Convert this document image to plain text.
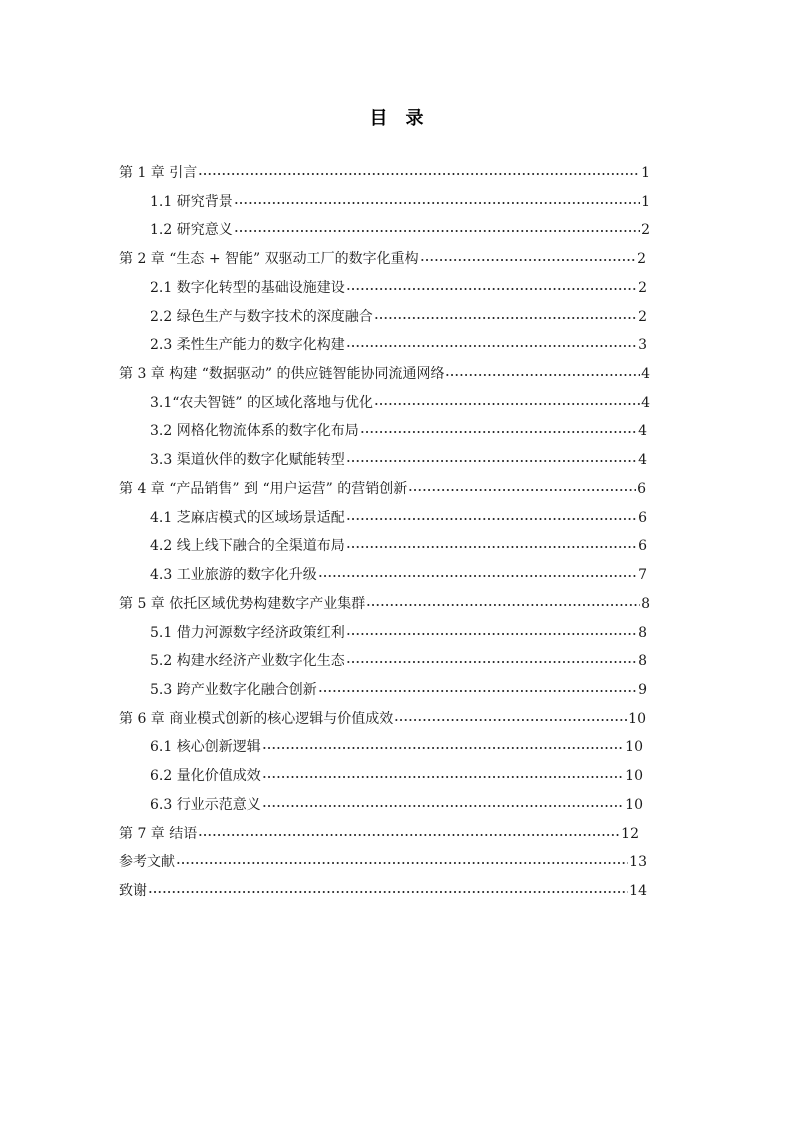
目录
第 1 章 引言	1
1.1 研究背景	1
1.2 研究意义	2
第 2 章 “生态 + 智能” 双驱动工厂的数字化重构	2
2.1 数字化转型的基础设施建设	2
2.2 绿色生产与数字技术的深度融合	2
2.3 柔性生产能力的数字化构建	3
第 3 章 构建 “数据驱动” 的供应链智能协同流通网络	4
3.1“农夫智链” 的区域化落地与优化	4
3.2 网格化物流体系的数字化布局	4
3.3 渠道伙伴的数字化赋能转型	4
第 4 章 “产品销售” 到 “用户运营” 的营销创新	6
4.1 芝麻店模式的区域场景适配	6
4.2 线上线下融合的全渠道布局	6
4.3 工业旅游的数字化升级	7
第 5 章 依托区域优势构建数字产业集群	8
5.1 借力河源数字经济政策红利	8
5.2 构建水经济产业数字化生态	8
5.3 跨产业数字化融合创新	9
第 6 章 商业模式创新的核心逻辑与价值成效	10
6.1 核心创新逻辑	10
6.2 量化价值成效	10
6.3 行业示范意义	10
第 7 章 结语	12
参考文献	13
致谢	14
